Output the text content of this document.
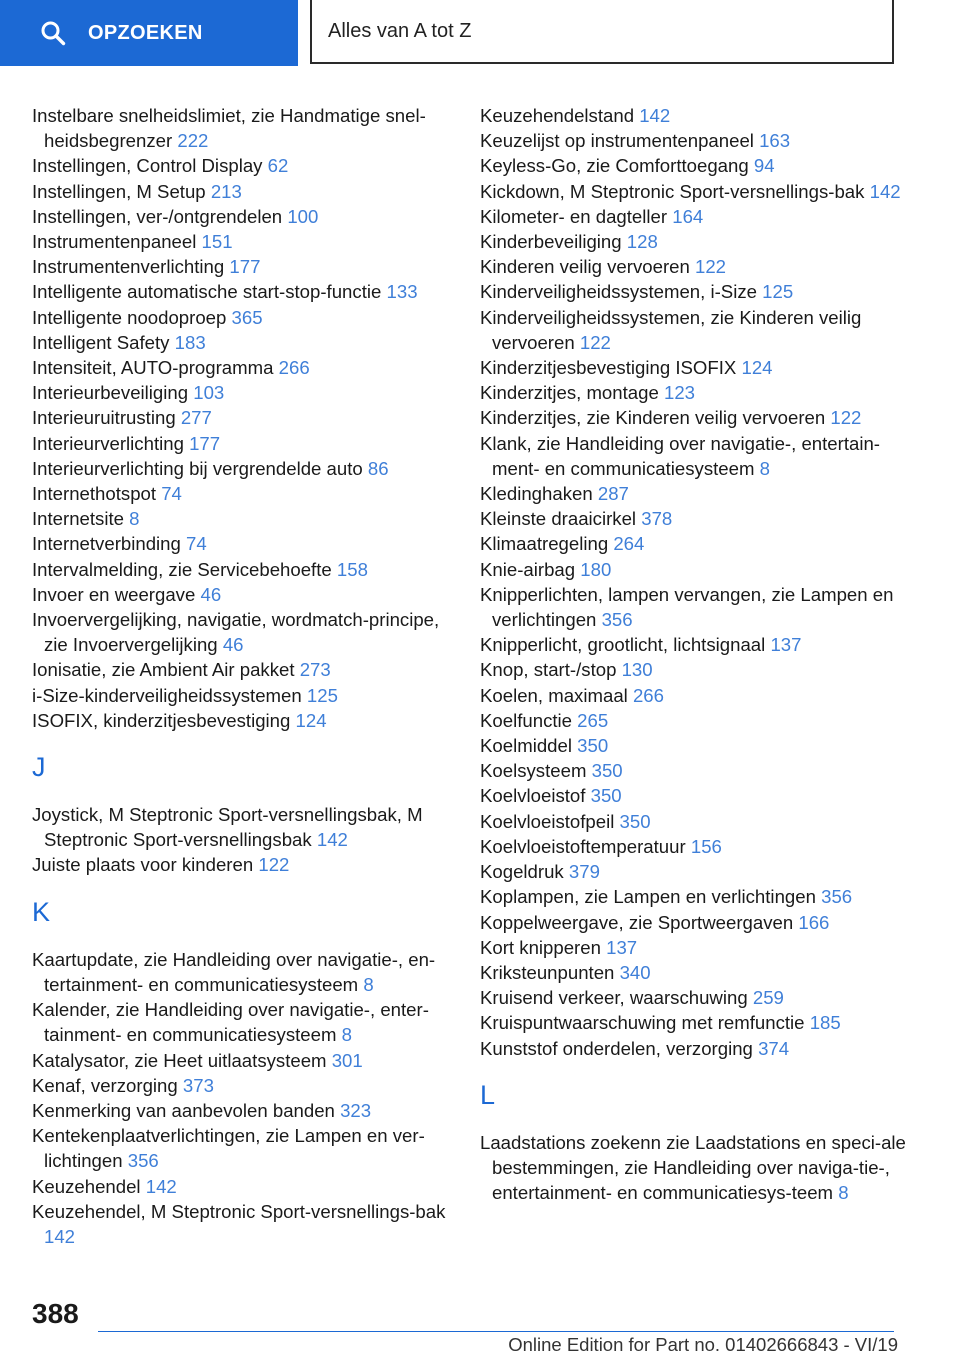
OPZOEKEN	Alles van A tot Z
Instelbare snelheidslimiet, zie Handmatige snel‐heidsbegrenzer 222
Instellingen, Control Display 62
Instellingen, M Setup 213
Instellingen, ver-/ontgrendelen 100
Instrumentenpaneel 151
Instrumentenverlichting 177
Intelligente automatische start-stop-functie 133
Intelligente noodoproep 365
Intelligent Safety 183
Intensiteit, AUTO-programma 266
Interieurbeveiliging 103
Interieuruitrusting 277
Interieurverlichting 177
Interieurverlichting bij vergrendelde auto 86
Internethotspot 74
Internetsite 8
Internetverbinding 74
Intervalmelding, zie Servicebehoefte 158
Invoer en weergave 46
Invoervergelijking, navigatie, wordmatch-principe, zie Invoervergelijking 46
Ionisatie, zie Ambient Air pakket 273
i-Size-kinderveiligheidssystemen 125
ISOFIX, kinderzitjesbevestiging 124
J
Joystick, M Steptronic Sport-versnellingsbak, M Steptronic Sport-versnellingsbak 142
Juiste plaats voor kinderen 122
K
Kaartupdate, zie Handleiding over navigatie-, en‐tertainment- en communicatiesysteem 8
Kalender, zie Handleiding over navigatie-, enter‐tainment- en communicatiesysteem 8
Katalysator, zie Heet uitlaatsysteem 301
Kenaf, verzorging 373
Kenmerking van aanbevolen banden 323
Kentekenplaatverlichtingen, zie Lampen en ver‐lichtingen 356
Keuzehendel 142
Keuzehendel, M Steptronic Sport-versnellings‐bak 142
Keuzehendelstand 142
Keuzelijst op instrumentenpaneel 163
Keyless-Go, zie Comforttoegang 94
Kickdown, M Steptronic Sport-versnellings‐bak 142
Kilometer- en dagteller 164
Kinderbeveiliging 128
Kinderen veilig vervoeren 122
Kinderveiligheidssystemen, i-Size 125
Kinderveiligheidssystemen, zie Kinderen veilig vervoeren 122
Kinderzitjesbevestiging ISOFIX 124
Kinderzitjes, montage 123
Kinderzitjes, zie Kinderen veilig vervoeren 122
Klank, zie Handleiding over navigatie-, entertain‐ment- en communicatiesysteem 8
Kledinghaken 287
Kleinste draaicirkel 378
Klimaatregeling 264
Knie-airbag 180
Knipperlichten, lampen vervangen, zie Lampen en verlichtingen 356
Knipperlicht, grootlicht, lichtsignaal 137
Knop, start-/stop 130
Koelen, maximaal 266
Koelfunctie 265
Koelmiddel 350
Koelsysteem 350
Koelvloeistof 350
Koelvloeistofpeil 350
Koelvloeistoftemperatuur 156
Kogeldruk 379
Koplampen, zie Lampen en verlichtingen 356
Koppelweergave, zie Sportweergaven 166
Kort knipperen 137
Kriksteunpunten 340
Kruisend verkeer, waarschuwing 259
Kruispuntwaarschuwing met remfunctie 185
Kunststof onderdelen, verzorging 374
L
Laadstations zoekenn zie Laadstations en speci‐ale bestemmingen, zie Handleiding over naviga‐tie-, entertainment- en communicatiesys‐teem 8
388
Online Edition for Part no. 01402666843 - VI/19
